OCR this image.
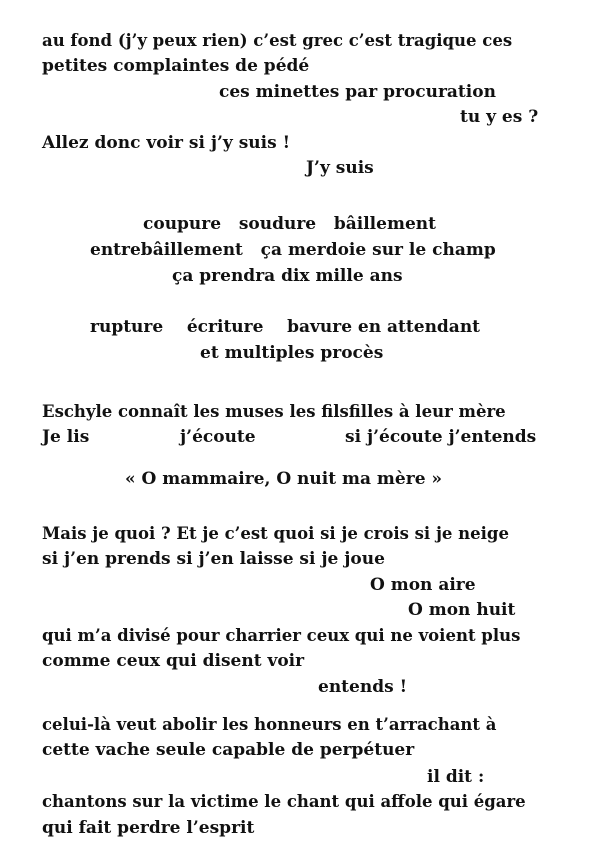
au fond (j’y peux rien) c’est grec c’est tragique ces
petites complaintes de pédé
ces minettes par procuration
tu y es ?
Allez donc voir si j’y suis !
J’y suis
coupure   soudure   bâillement
entrebâillement   ça merdoie sur le champ
ça prendra dix mille ans
rupture    écriture    bavure en attendant
et multiples procès
Eschyle connaît les muses les filsfilles à leur mère
Je lis	j’écoute	si j’écoute j’entends
« O mammaire, O nuit ma mère »
Mais je quoi ? Et je c’est quoi si je crois si je neige
si j’en prends si j’en laisse si je joue
O mon aire
O mon huit
qui m’a divisé pour charrier ceux qui ne voient plus
comme ceux qui disent voir
entends !
celui-là veut abolir les honneurs en t’arrachant à
cette vache seule capable de perpétuer
il dit :
chantons sur la victime le chant qui affole qui égare
qui fait perdre l’esprit
